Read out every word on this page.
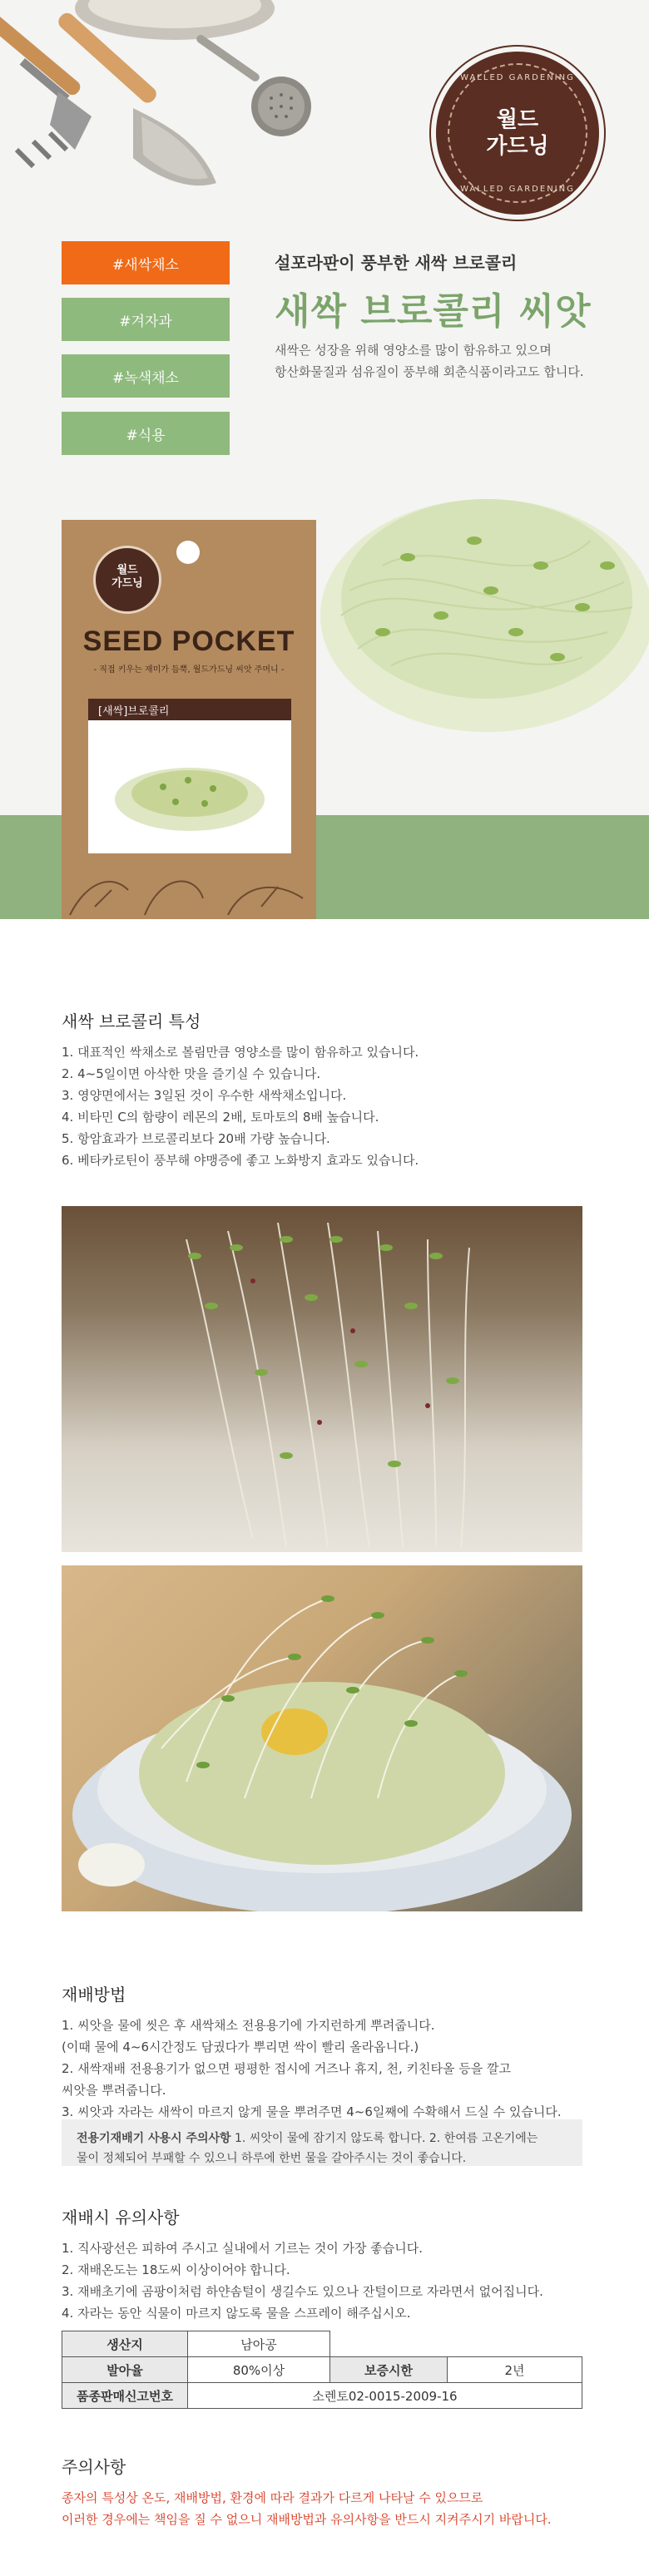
WALLED GARDENING
월드
가드닝
WALLED GARDENING
#새싹채소
#겨자과
#녹색채소
#식용
설포라판이 풍부한 새싹 브로콜리
새싹 브로콜리 씨앗
새싹은 성장을 위해 영양소를 많이 함유하고 있으며
항산화물질과 섬유질이 풍부해 회춘식품이라고도 합니다.
월드
가드닝
SEED POCKET
- 직접 키우는 재미가 듬뿍, 월드가드닝 씨앗 주머니 -
[새싹]브로콜리
새싹 브로콜리 특성
1. 대표적인 싹채소로 볼림만큼 영양소를 많이 함유하고 있습니다.
2. 4~5일이면 아삭한 맛을 즐기실 수 있습니다.
3. 영양면에서는 3일된 것이 우수한 새싹채소입니다.
4. 비타민 C의 함량이 레몬의 2배, 토마토의 8배 높습니다.
5. 항암효과가 브로콜리보다 20배 가량 높습니다.
6. 베타카로틴이 풍부해 야맹증에 좋고 노화방지 효과도 있습니다.
재배방법
1. 씨앗을 물에 씻은 후 새싹채소 전용용기에 가지런하게 뿌려줍니다.
(이때 물에 4~6시간정도 담궜다가 뿌리면 싹이 빨리 올라옵니다.)
2. 새싹재배 전용용기가 없으면 평평한 접시에 거즈나 휴지, 천, 키친타올 등을 깔고
씨앗을 뿌려줍니다.
3. 씨앗과 자라는 새싹이 마르지 않게 물을 뿌려주면 4~6일째에 수확해서 드실 수 있습니다.
전용기재배기 사용시 주의사항 1. 씨앗이 물에 잠기지 않도록 합니다. 2. 한여름 고온기에는
물이 정체되어 부패할 수 있으니 하루에 한번 물을 갈아주시는 것이 좋습니다.
재배시 유의사항
1. 직사광선은 피하여 주시고 실내에서 기르는 것이 가장 좋습니다.
2. 재배온도는 18도씨 이상이어야 합니다.
3. 재배초기에 곰팡이처럼 하얀솜털이 생길수도 있으나 잔털이므로 자라면서 없어집니다.
4. 자라는 동안 식물이 마르지 않도록 물을 스프레이 해주십시오.
생산지	남아공		
발아율	80%이상	보증시한	2년
품종판매신고번호	소렌토02-0015-2009-16		
주의사항
종자의 특성상 온도, 재배방법, 환경에 따라 결과가 다르게 나타날 수 있으므로
이러한 경우에는 책임을 질 수 없으니 재배방법과 유의사항을 반드시 지켜주시기 바랍니다.
